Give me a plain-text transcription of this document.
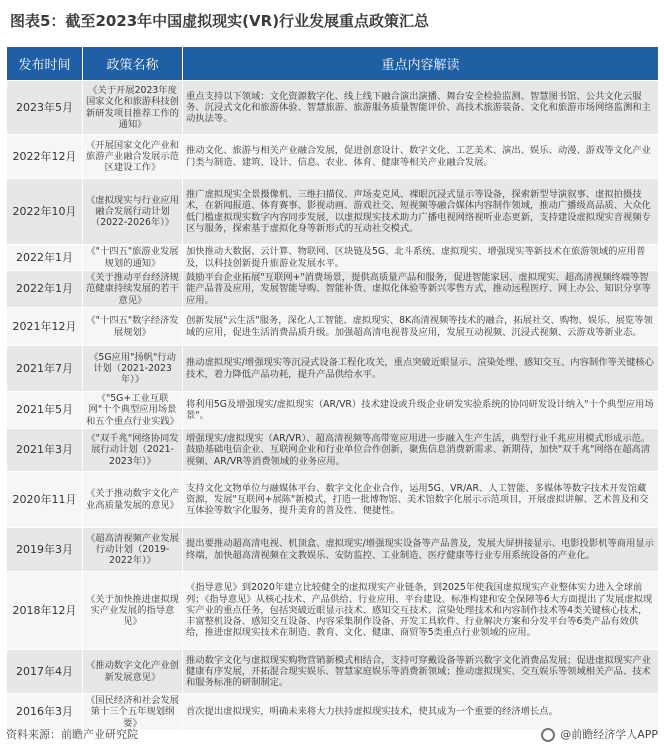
图表5：截至2023年中国虚拟现实(VR)行业发展重点政策汇总
发布时间	政策名称	重点内容解读
2023年5月	《关于开展2023年度国家文化和旅游科技创新研发项目推荐工作的通知》	重点支持以下领域：文化资源数字化、线上线下融合演出演播、舞台安全检验监测、智慧图书馆、公共文化云服务、沉浸式文化和旅游体验、智慧旅游、旅游服务质量智能评价、高技术旅游装备、文化和旅游市场网络监测和主动执法等。
2022年12月	《开展国家文化产业和旅游产业融合发展示范区建设工作》	推动文化、旅游与相关产业融合发展，促进创意设计、数字文化、工艺美术、演出、娱乐、动漫、游戏等文化产业门类与制造、建筑、设计、信息、农业、体育、健康等相关产业融合发展。
2022年10月	《虚拟现实与行业应用融合发展行动计划（2022-2026年）》	推广虚拟现实全景摄像机、三维扫描仪、声场麦克风、裸眼沉浸式显示等设备，探索新型导演叙事、虚拟拍摄技术，在新闻报道、体育赛事、影视动画、游戏社交、短视频等融合媒体内容制作领域，推动广播级高品质、大众化低门槛虚拟现实数字内容同步发展，以虚拟现实技术助力广播电视网络视听业态更新，支持建设虚拟现实音视频专区与服务，探索基于虚拟化身等新形式的互动社交模式。
2022年1月	《"十四五"旅游业发展规划的通知》	加快推动大数据、云计算、物联网、区块链及5G、北斗系统、虚拟现实、增强现实等新技术在旅游领域的应用普及，以科技创新提升旅游业发展水平。
2022年1月	《关于推动平台经济规范健康持续发展的若干意见》	鼓励平台企业拓展"互联网+"消费场景，提供高质量产品和服务，促进智能家居、虚拟现实、超高清视频终端等智能产品普及应用，发展智能导购、智能补货、虚拟化体验等新兴零售方式，推动远程医疗、网上办公、知识分享等应用。
2021年12月	《"十四五"数字经济发展规划》	创新发展"云生活"服务，深化人工智能、虚拟现实、8K高清视频等技术的融合，拓展社交、购物、娱乐、展览等领域的应用，促进生活消费品质升级。加强超高清电视普及应用，发展互动视频、沉浸式视频、云游戏等新业态。
2021年7月	《5G应用"扬帆"行动计划（2021-2023年）》	推动虚拟现实/增强现实等沉浸式设备工程化攻关，重点突破近眼显示、渲染处理、感知交互、内容制作等关键核心技术，着力降低产品功耗，提升产品供给水平。
2021年5月	《"5G+工业互联网"十个典型应用场景和五个重点行业实践》	将利用5G及增强现实/虚拟现实（AR/VR）技术建设或升级企业研发实验系统的协同研发设计纳入"十个典型应用场景"。
2021年3月	《"双千兆"网络协同发展行动计划（2021-2023年）》	增强现实/虚拟现实（AR/VR）、超高清视频等高带宽应用进一步融入生产生活，典型行业千兆应用模式形成示范。鼓励基础电信企业、互联网企业和行业单位合作创新，聚焦信息消费新需求、新期待，加快"双千兆"网络在超高清视频、AR/VR等消费领域的业务应用。
2020年11月	《关于推动数字文化产业高质量发展的意见》	支持文化文物单位与融媒体平台、数字文化企业合作，运用5G、VR/AR、人工智能、多媒体等数字技术开发馆藏资源，发展"互联网+展陈"新模式，打造一批博物馆、美术馆数字化展示示范项目，开展虚拟讲解、艺术普及和交互体验等数字化服务，提升美育的普及性、便捷性。
2019年3月	《超高清视频产业发展行动计划（2019-2022年）》	提出要推动超高清电视、机顶盒、虚拟现实/增强现实设备等产品普及，发展大屏拼接显示、电影投影机等商用显示终端，加快超高清视频在文教娱乐、安防监控、工业制造、医疗健康等行业专用系统设备的产业化。
2018年12月	《关于加快推进虚拟现实产业发展的指导意见》	《指导意见》到2020年建立比较健全的虚拟现实产业链条，到2025年使我国虚拟现实产业整体实力进入全球前列；《指导意见》从核心技术、产品供给、行业应用、平台建设、标准构建和安全保障等6大方面提出了发展虚拟现实产业的重点任务，包括突破近眼显示技术、感知交互技术、渲染处理技术和内容制作技术等4类关键核心技术，丰富整机设备、感知交互设备、内容采集制作设备、开发工具软件、行业解决方案和分发平台等6类产品有效供给，推进虚拟现实技术在制造、教育、文化、健康、商贸等5类重点行业领域的应用。
2017年4月	《推动数字文化产业创新发展意见》	推动数字文化与虚拟现实购物营销新模式相结合，支持可穿戴设备等新兴数字文化消费品发展；促进虚拟现实产业健康有序发展，开拓混合现实娱乐、智慧家庭娱乐等消费新领域；推动虚拟现实、交互娱乐等领域相关产品、技术和服务标准的研制制定。
2016年3月	《国民经济和社会发展第十三个五年规划纲要》	首次提出虚拟现实，明确未来将大力扶持虚拟现实技术，使其成为一个重要的经济增长点。
资料来源：前瞻产业研究院	@前瞻经济学人APP
